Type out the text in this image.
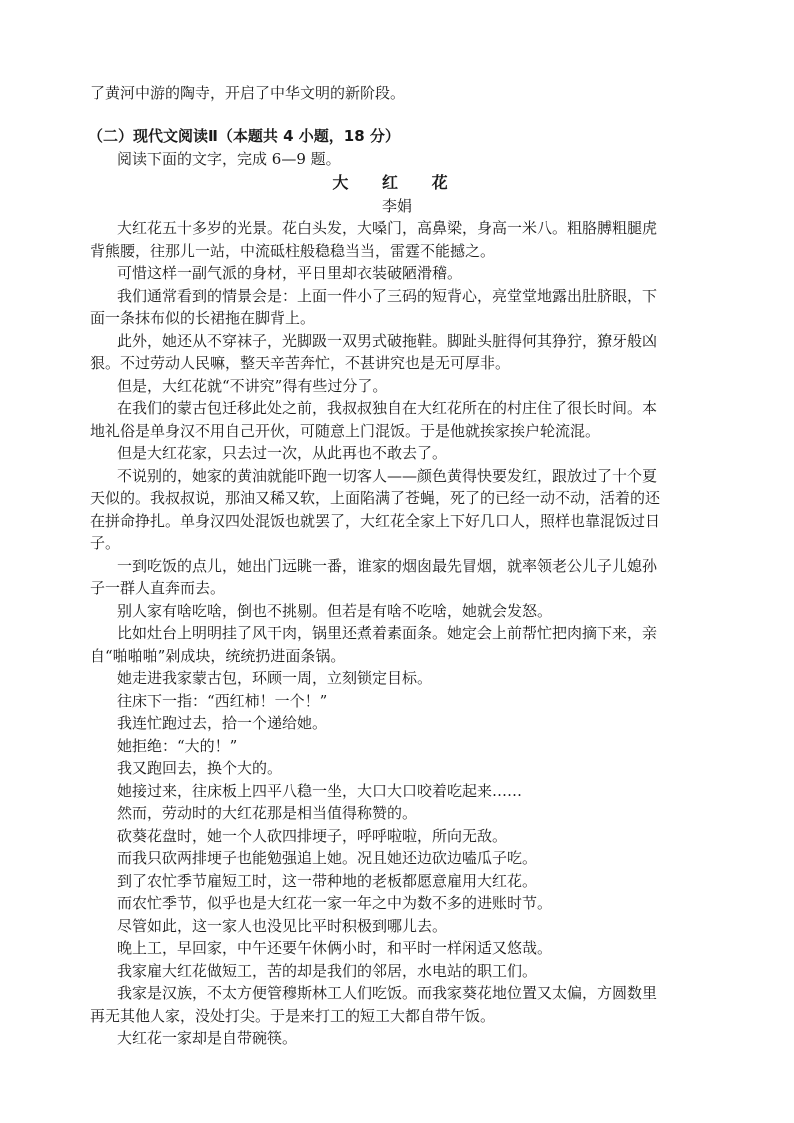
了黄河中游的陶寺，开启了中华文明的新阶段。
（二）现代文阅读Ⅱ（本题共 4 小题，18 分）
阅读下面的文字，完成 6—9 题。
大 红 花
李娟
大红花五十多岁的光景。花白头发，大嗓门，高鼻梁，身高一米八。粗胳膊粗腿虎
背熊腰，往那儿一站，中流砥柱般稳稳当当，雷霆不能撼之。
可惜这样一副气派的身材，平日里却衣装破陋滑稽。
我们通常看到的情景会是：上面一件小了三码的短背心，亮堂堂地露出肚脐眼，下
面一条抹布似的长裙拖在脚背上。
此外，她还从不穿袜子，光脚趿一双男式破拖鞋。脚趾头脏得何其狰狞，獠牙般凶
狠。不过劳动人民嘛，整天辛苦奔忙，不甚讲究也是无可厚非。
但是，大红花就“不讲究”得有些过分了。
在我们的蒙古包迁移此处之前，我叔叔独自在大红花所在的村庄住了很长时间。本
地礼俗是单身汉不用自己开伙，可随意上门混饭。于是他就挨家挨户轮流混。
但是大红花家，只去过一次，从此再也不敢去了。
不说别的，她家的黄油就能吓跑一切客人——颜色黄得快要发红，跟放过了十个夏
天似的。我叔叔说，那油又稀又软，上面陷满了苍蝇，死了的已经一动不动，活着的还
在拼命挣扎。单身汉四处混饭也就罢了，大红花全家上下好几口人，照样也靠混饭过日
子。
一到吃饭的点儿，她出门远眺一番，谁家的烟囱最先冒烟，就率领老公儿子儿媳孙
子一群人直奔而去。
别人家有啥吃啥，倒也不挑剔。但若是有啥不吃啥，她就会发怒。
比如灶台上明明挂了风干肉，锅里还煮着素面条。她定会上前帮忙把肉摘下来，亲
自“啪啪啪”剁成块，统统扔进面条锅。
她走进我家蒙古包，环顾一周，立刻锁定目标。
往床下一指：“西红柿！一个！”
我连忙跑过去，拾一个递给她。
她拒绝：“大的！”
我又跑回去，换个大的。
她接过来，往床板上四平八稳一坐，大口大口咬着吃起来……
然而，劳动时的大红花那是相当值得称赞的。
砍葵花盘时，她一个人砍四排埂子，呼呼啦啦，所向无敌。
而我只砍两排埂子也能勉强追上她。况且她还边砍边嗑瓜子吃。
到了农忙季节雇短工时，这一带种地的老板都愿意雇用大红花。
而农忙季节，似乎也是大红花一家一年之中为数不多的进账时节。
尽管如此，这一家人也没见比平时积极到哪儿去。
晚上工，早回家，中午还要午休俩小时，和平时一样闲适又悠哉。
我家雇大红花做短工，苦的却是我们的邻居，水电站的职工们。
我家是汉族，不太方便管穆斯林工人们吃饭。而我家葵花地位置又太偏，方圆数里
再无其他人家，没处打尖。于是来打工的短工大都自带午饭。
大红花一家却是自带碗筷。
